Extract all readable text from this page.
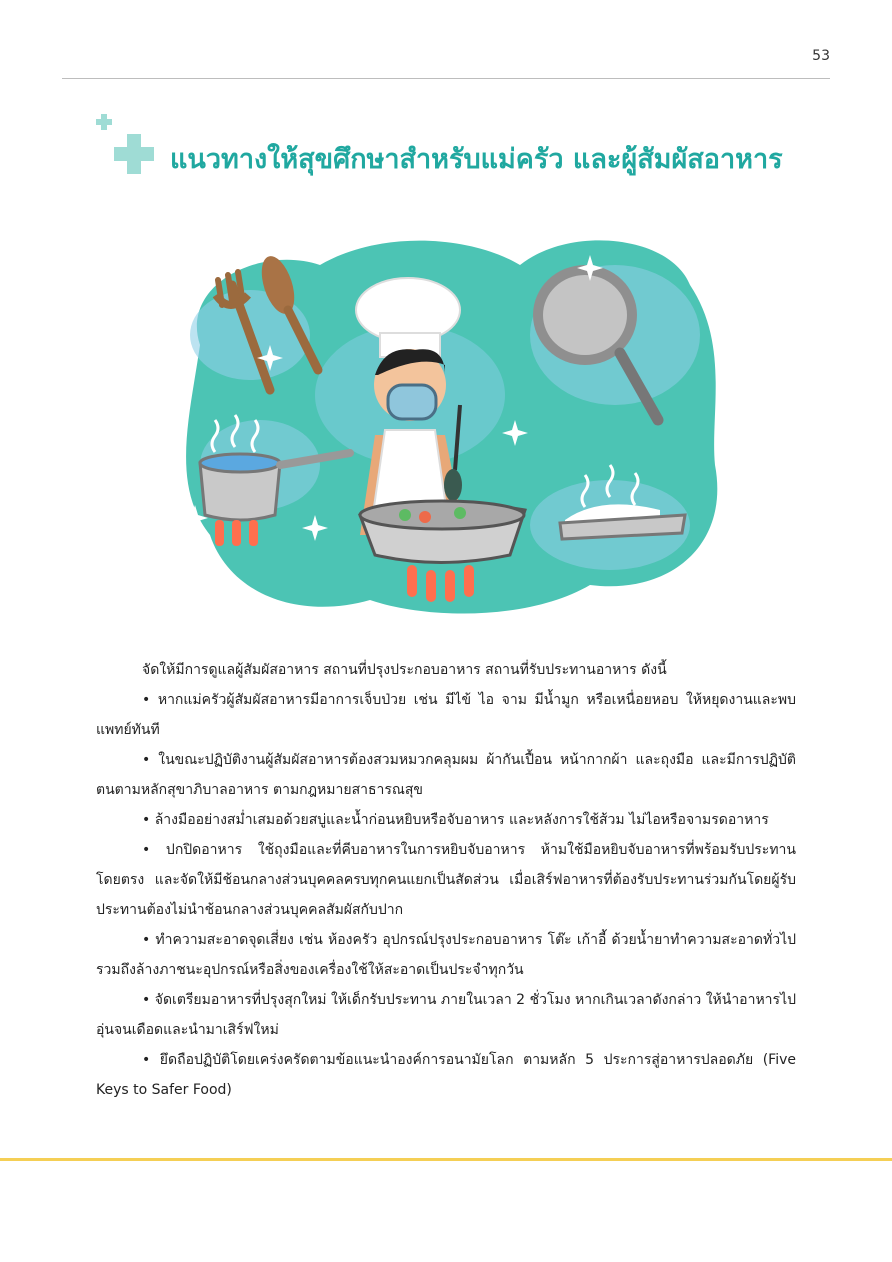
53
แนวทางให้สุขศึกษาสำหรับแม่ครัว และผู้สัมผัสอาหาร

จัดให้มีการดูแลผู้สัมผัสอาหาร สถานที่ปรุงประกอบอาหาร สถานที่รับประทานอาหาร ดังนี้

• หากแม่ครัวผู้สัมผัสอาหารมีอาการเจ็บป่วย เช่น มีไข้ ไอ จาม มีน้ำมูก หรือเหนื่อยหอบ ให้หยุดงานและพบแพทย์ทันที

• ในขณะปฏิบัติงานผู้สัมผัสอาหารต้องสวมหมวกคลุมผม ผ้ากันเปื้อน หน้ากากผ้า และถุงมือ และมีการปฏิบัติตนตามหลักสุขาภิบาลอาหาร ตามกฎหมายสาธารณสุข

• ล้างมืออย่างสม่ำเสมอด้วยสบู่และน้ำก่อนหยิบหรือจับอาหาร และหลังการใช้ส้วม ไม่ไอหรือจามรดอาหาร

• ปกปิดอาหาร ใช้ถุงมือและที่คีบอาหารในการหยิบจับอาหาร ห้ามใช้มือหยิบจับอาหารที่พร้อมรับประทานโดยตรง และจัดให้มีช้อนกลางส่วนบุคคลครบทุกคนแยกเป็นสัดส่วน เมื่อเสิร์ฟอาหารที่ต้องรับประทานร่วมกันโดยผู้รับประทานต้องไม่นำช้อนกลางส่วนบุคคลสัมผัสกับปาก

• ทำความสะอาดจุดเสี่ยง เช่น ห้องครัว อุปกรณ์ปรุงประกอบอาหาร โต๊ะ เก้าอี้ ด้วยน้ำยาทำความสะอาดทั่วไป รวมถึงล้างภาชนะอุปกรณ์หรือสิ่งของเครื่องใช้ให้สะอาดเป็นประจำทุกวัน

• จัดเตรียมอาหารที่ปรุงสุกใหม่ ให้เด็กรับประทาน ภายในเวลา 2 ชั่วโมง หากเกินเวลาดังกล่าว ให้นำอาหารไปอุ่นจนเดือดและนำมาเสิร์ฟใหม่

• ยึดถือปฏิบัติโดยเคร่งครัดตามข้อแนะนำองค์การอนามัยโลก ตามหลัก 5 ประการสู่อาหารปลอดภัย (Five Keys to Safer Food)
